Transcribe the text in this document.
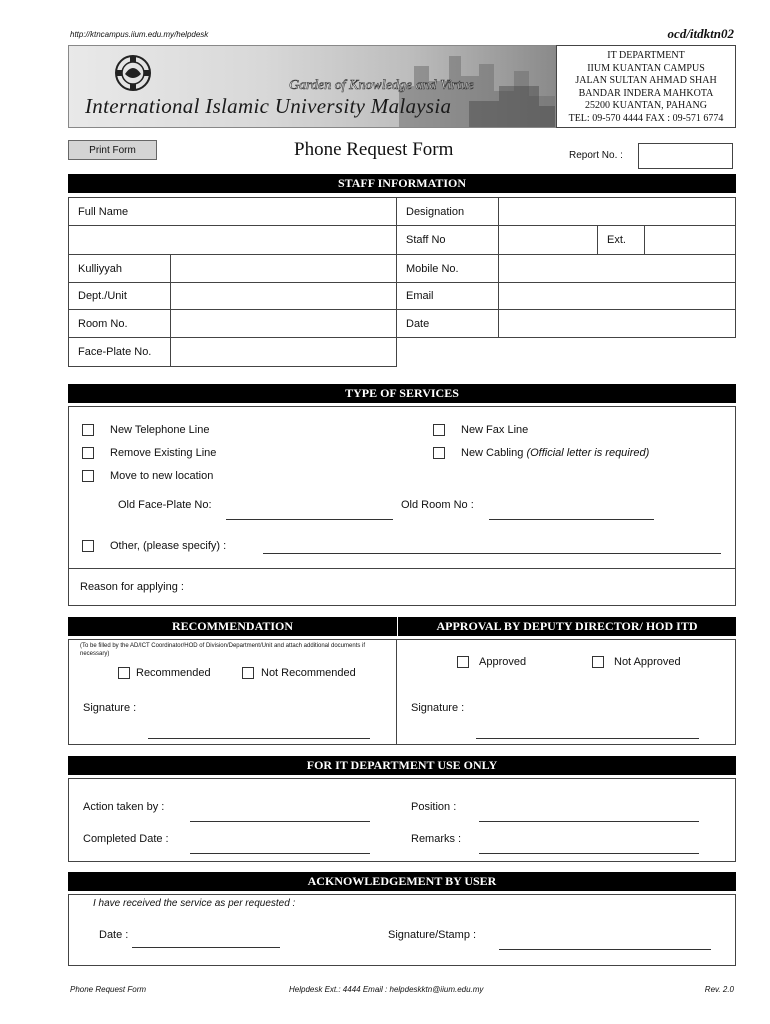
http://ktncampus.iium.edu.my/helpdesk	ocd/itdktn02
Garden of Knowledge and Virtue
International Islamic University Malaysia
IT DEPARTMENT
IIUM KUANTAN CAMPUS
JALAN SULTAN AHMAD SHAH
BANDAR INDERA MAHKOTA
25200 KUANTAN, PAHANG
TEL: 09-570 4444 FAX : 09-571 6774
Print Form	Phone Request Form	Report No. :
STAFF INFORMATION
Full Name	Designation
Staff No	Ext.
Kulliyyah	Mobile No.
Dept./Unit	Email
Room No.	Date
Face-Plate No.
TYPE OF SERVICES
New Telephone Line
Remove Existing Line
Move to new location
New Fax Line
New Cabling (Official letter is required)
Old Face-Plate No:	Old Room No :
Other, (please specify) :
Reason for applying :
RECOMMENDATION	APPROVAL BY DEPUTY DIRECTOR/ HOD ITD
(To be filled by the AD/ICT Coordinator/HOD of Division/Department/Unit and attach additional documents if necessary)
Recommended	Not Recommended
Signature :
Approved	Not Approved
Signature :
FOR IT DEPARTMENT USE ONLY
Action taken by :	Position :
Completed Date :	Remarks :
ACKNOWLEDGEMENT BY USER
I have received the service as per requested :
Date :	Signature/Stamp :
Phone Request Form	Helpdesk Ext.: 4444 Email : helpdeskktn@iium.edu.my	Rev. 2.0
